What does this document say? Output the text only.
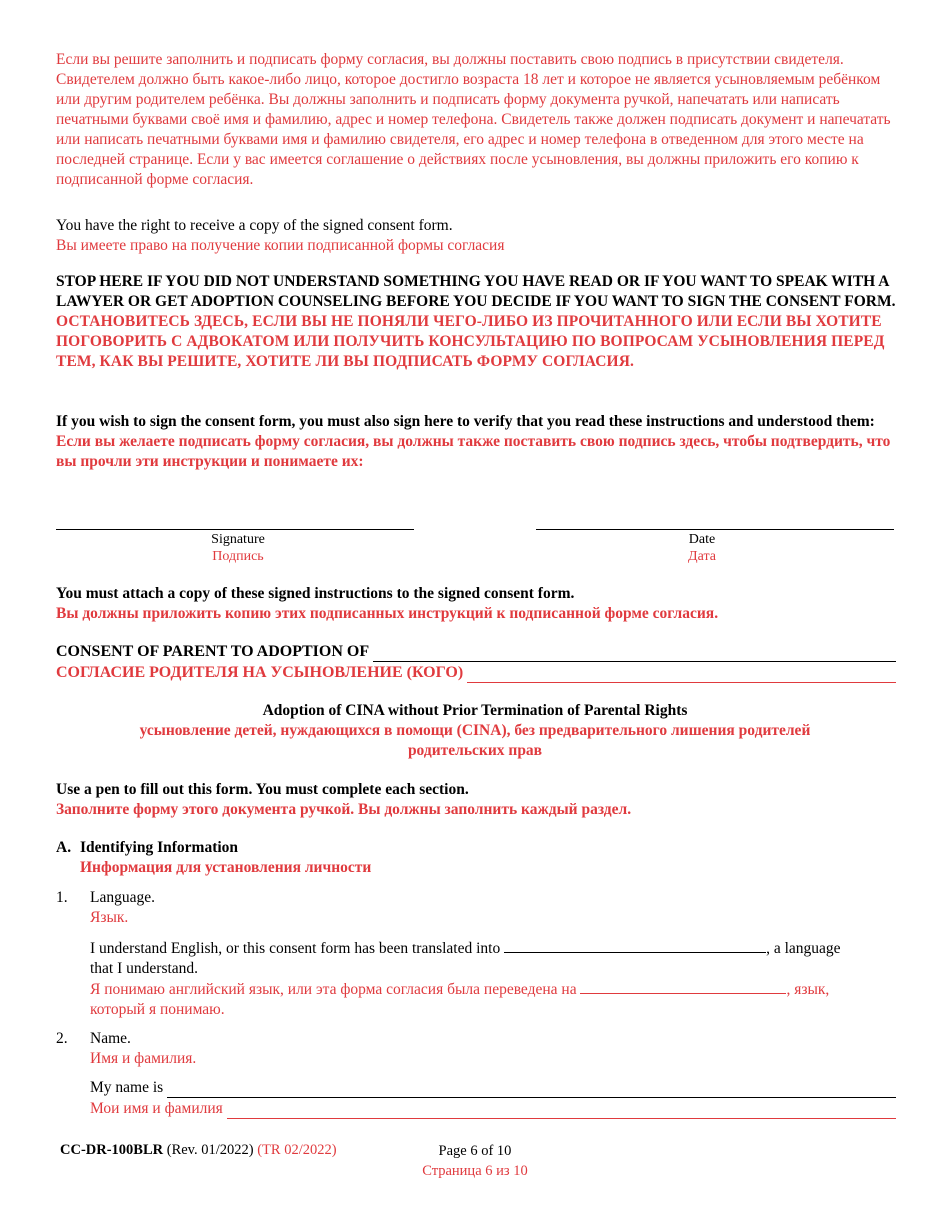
Если вы решите заполнить и подписать форму согласия, вы должны поставить свою подпись в присутствии свидетеля. Свидетелем должно быть какое-либо лицо, которое достигло возраста 18 лет и которое не является усыновляемым ребёнком или другим родителем ребёнка. Вы должны заполнить и подписать форму документа ручкой, напечатать или написать печатными буквами своё имя и фамилию, адрес и номер телефона. Свидетель также должен подписать документ и напечатать или написать печатными буквами имя и фамилию свидетеля, его адрес и номер телефона в отведенном для этого месте на последней странице. Если у вас имеется соглашение о действиях после усыновления, вы должны приложить его копию к подписанной форме согласия.

You have the right to receive a copy of the signed consent form.

Вы имеете право на получение копии подписанной формы согласия

STOP HERE IF YOU DID NOT UNDERSTAND SOMETHING YOU HAVE READ OR IF YOU WANT TO SPEAK WITH A LAWYER OR GET ADOPTION COUNSELING BEFORE YOU DECIDE IF YOU WANT TO SIGN THE CONSENT FORM.

ОСТАНОВИТЕСЬ ЗДЕСЬ, ЕСЛИ ВЫ НЕ ПОНЯЛИ ЧЕГО-ЛИБО ИЗ ПРОЧИТАННОГО ИЛИ ЕСЛИ ВЫ ХОТИТЕ ПОГОВОРИТЬ С АДВОКАТОМ ИЛИ ПОЛУЧИТЬ КОНСУЛЬТАЦИЮ ПО ВОПРОСАМ УСЫНОВЛЕНИЯ ПЕРЕД ТЕМ, КАК ВЫ РЕШИТЕ, ХОТИТЕ ЛИ ВЫ ПОДПИСАТЬ ФОРМУ СОГЛАСИЯ.

If you wish to sign the consent form, you must also sign here to verify that you read these instructions and understood them:

Если вы желаете подписать форму согласия, вы должны также поставить свою подпись здесь, чтобы подтвердить, что вы прочли эти инструкции и понимаете их:

Signature
Подпись
Date
Дата

You must attach a copy of these signed instructions to the signed consent form.

Вы должны приложить копию этих подписанных инструкций к подписанной форме согласия.

CONSENT OF PARENT TO ADOPTION OF
СОГЛАСИЕ РОДИТЕЛЯ НА УСЫНОВЛЕНИЕ (КОГО)

Adoption of CINA without Prior Termination of Parental Rights

усыновление детей, нуждающихся в помощи (CINA), без предварительного лишения родителей родительских прав

Use a pen to fill out this form. You must complete each section.

Заполните форму этого документа ручкой. Вы должны заполнить каждый раздел.

A. Identifying Information
Информация для установления личности
1. Language.

Язык.

I understand English, or this consent form has been translated into	, a language
that I understand.
Я понимаю английский язык, или эта форма согласия была переведена на	, язык,
который я понимаю.
2. Name.

Имя и фамилия.

My name is
Мои имя и фамилия
CC-DR-100BLR (Rev. 01/2022) (TR 02/2022)	Page 6 of 10
Страница 6 из 10
